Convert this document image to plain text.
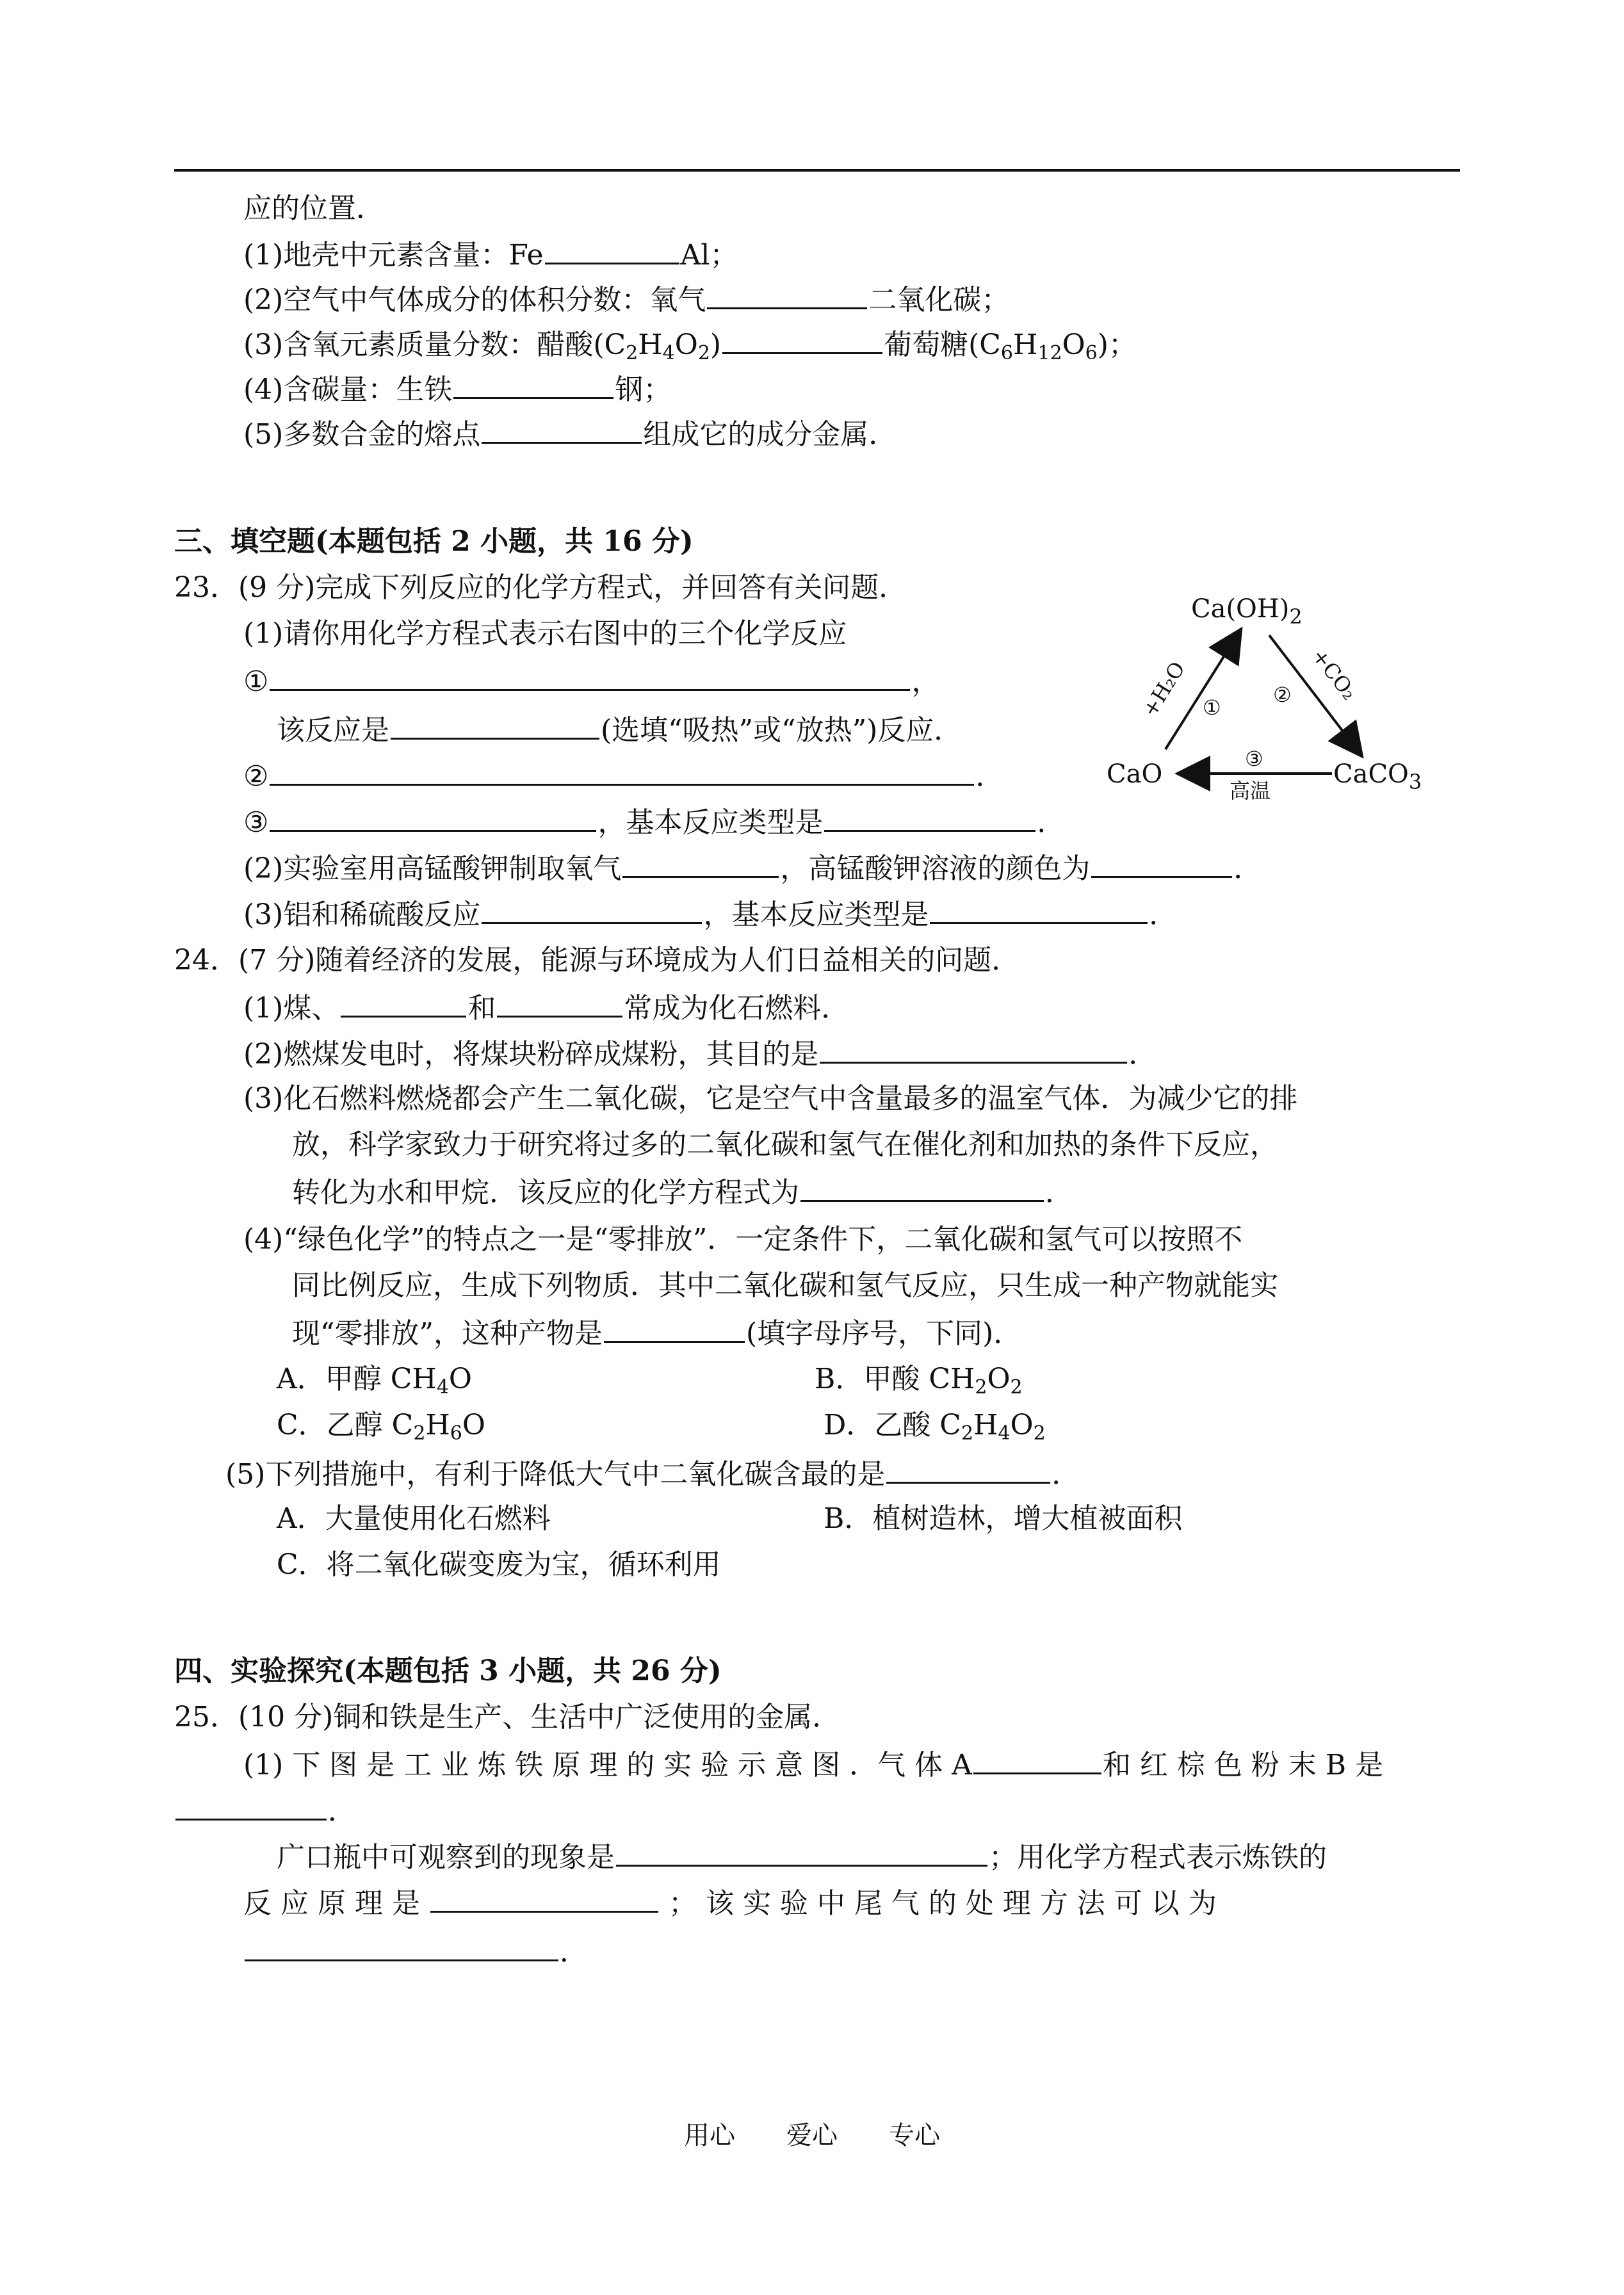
应的位置．
(1)地壳中元素含量：Fe	Al；
(2)空气中气体成分的体积分数：氧气	二氧化碳；
(3)含氧元素质量分数：醋酸$(C_2H_4O_2)$	葡萄糖$(C_6H_{12}O_6)$；
(4)含碳量：生铁	钢；
(5)多数合金的熔点	组成它的成分金属．
三、填空题(本题包括 2 小题，共 16 分)
23．(9 分)完成下列反应的化学方程式，并回答有关问题．
(1)请你用化学方程式表示右图中的三个化学反应
①	，
该反应是	(选填“吸热”或“放热”)反应．
②	．
③	，基本反应类型是	．
(2)实验室用高锰酸钾制取氧气	，高锰酸钾溶液的颜色为	．
(3)铝和稀硫酸反应	，基本反应类型是	．
$Ca(OH)_2$
CaO	CaCO$_3$
+H₂O	+CO₂
①
②
③
高温
24．(7 分)随着经济的发展，能源与环境成为人们日益相关的问题．
(1)煤、	和	常成为化石燃料．
(2)燃煤发电时，将煤块粉碎成煤粉，其目的是	．
(3)化石燃料燃烧都会产生二氧化碳，它是空气中含量最多的温室气体．为减少它的排
放，科学家致力于研究将过多的二氧化碳和氢气在催化剂和加热的条件下反应，
转化为水和甲烷．该反应的化学方程式为	．
(4)“绿色化学”的特点之一是“零排放”．一定条件下，二氧化碳和氢气可以按照不
同比例反应，生成下列物质．其中二氧化碳和氢气反应，只生成一种产物就能实
现“零排放”，这种产物是	(填字母序号，下同)．
A．甲醇 $CH_4O$	B．甲酸 $CH_2O_2$
C．乙醇 $C_2H_6O$	D．乙酸 $C_2H_4O_2$
(5)下列措施中，有利于降低大气中二氧化碳含最的是	．
A．大量使用化石燃料	B．植树造林，增大植被面积
C．将二氧化碳变废为宝，循环利用
四、实验探究(本题包括 3 小题，共 26 分)
25．(10 分)铜和铁是生产、生活中广泛使用的金属．
(1) 下 图 是 工 业 炼 铁 原 理 的 实 验 示 意 图 ．气 体 A	和 红 棕 色 粉 末 B 是
．
广口瓶中可观察到的现象是	；用化学方程式表示炼铁的
反 应 原 理 是	； 该 实 验 中 尾 气 的 处 理 方 法 可 以 为
．
用心　　爱心　　专心
